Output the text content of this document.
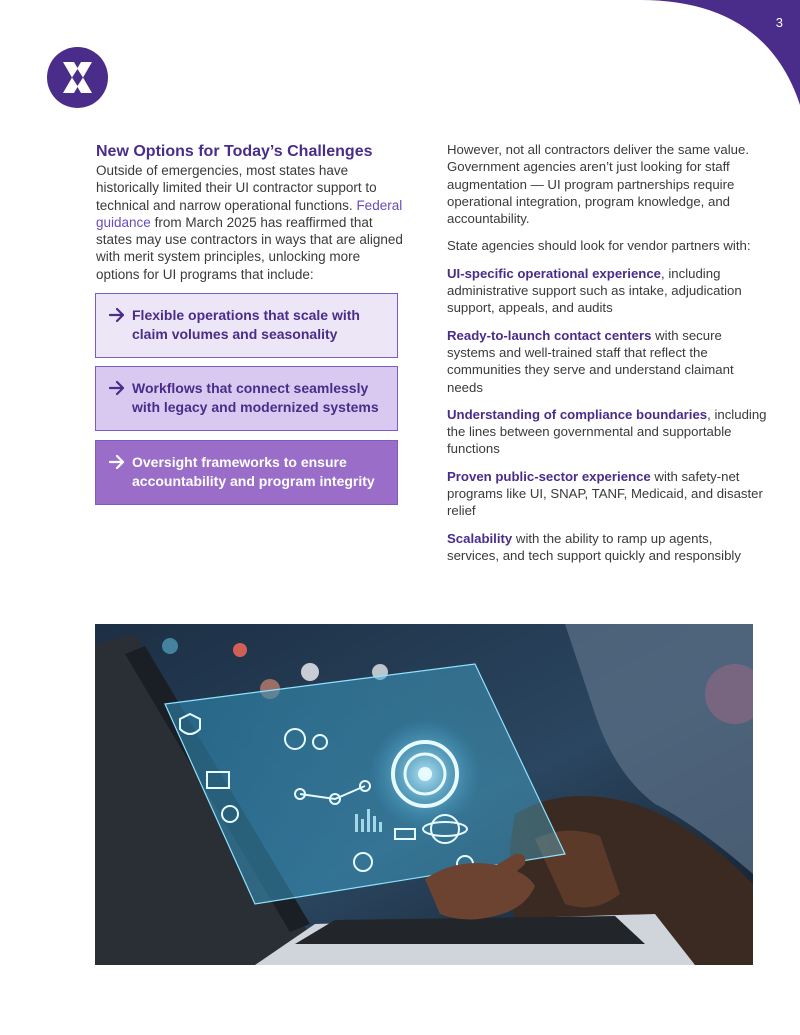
3
New Options for Today’s Challenges

Outside of emergencies, most states have historically limited their UI contractor support to technical and narrow operational functions. Federal guidance from March 2025 has reaffirmed that states may use contractors in ways that are aligned with merit system principles, unlocking more options for UI programs that include:

Flexible operations that scale with claim volumes and seasonality
Workflows that connect seamlessly with legacy and modernized systems
Oversight frameworks to ensure accountability and program integrity

However, not all contractors deliver the same value. Government agencies aren’t just looking for staff augmentation — UI program partnerships require operational integration, program knowledge, and accountability.

State agencies should look for vendor partners with:

UI-specific operational experience, including administrative support such as intake, adjudication support, appeals, and audits

Ready-to-launch contact centers with secure systems and well-trained staff that reflect the communities they serve and understand claimant needs

Understanding of compliance boundaries, including the lines between governmental and supportable functions

Proven public-sector experience with safety-net programs like UI, SNAP, TANF, Medicaid, and disaster relief

Scalability with the ability to ramp up agents, services, and tech support quickly and responsibly
